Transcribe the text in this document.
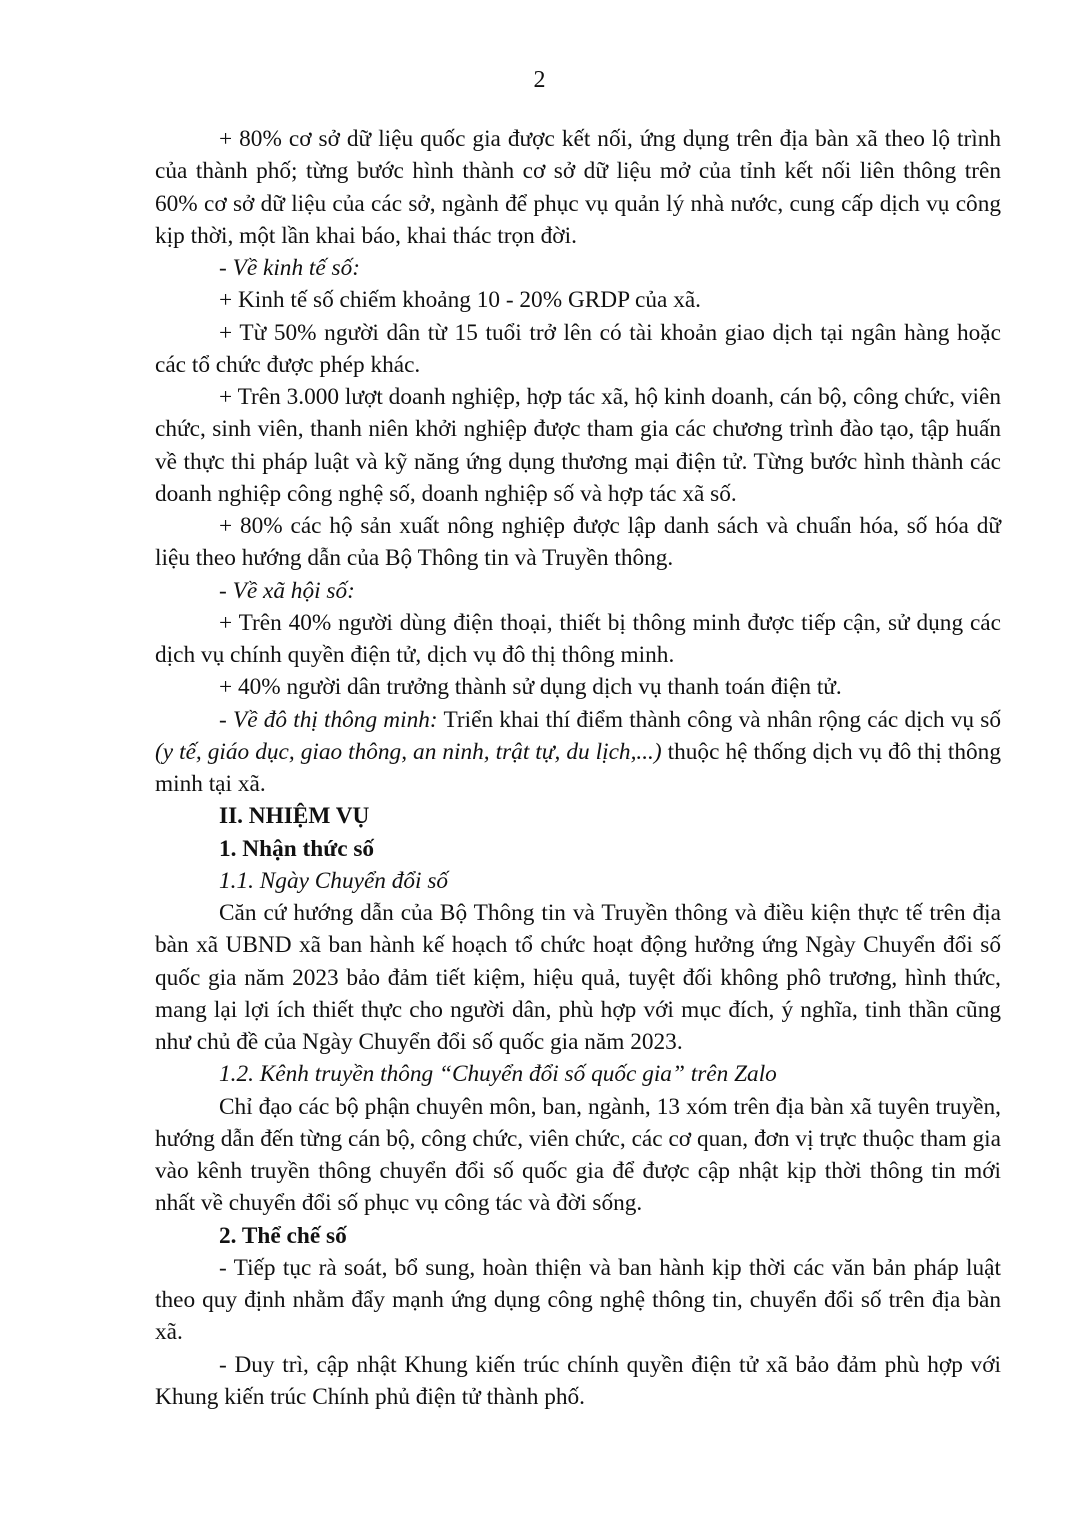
2

+ 80% cơ sở dữ liệu quốc gia được kết nối, ứng dụng trên địa bàn xã theo lộ trình của thành phố; từng bước hình thành cơ sở dữ liệu mở của tỉnh kết nối liên thông trên 60% cơ sở dữ liệu của các sở, ngành để phục vụ quản lý nhà nước, cung cấp dịch vụ công kịp thời, một lần khai báo, khai thác trọn đời.

- Về kinh tế số:

+ Kinh tế số chiếm khoảng 10 - 20% GRDP của xã.

+ Từ 50% người dân từ 15 tuổi trở lên có tài khoản giao dịch tại ngân hàng hoặc các tổ chức được phép khác.

+ Trên 3.000 lượt doanh nghiệp, hợp tác xã, hộ kinh doanh, cán bộ, công chức, viên chức, sinh viên, thanh niên khởi nghiệp được tham gia các chương trình đào tạo, tập huấn về thực thi pháp luật và kỹ năng ứng dụng thương mại điện tử. Từng bước hình thành các doanh nghiệp công nghệ số, doanh nghiệp số và hợp tác xã số.

+ 80% các hộ sản xuất nông nghiệp được lập danh sách và chuẩn hóa, số hóa dữ liệu theo hướng dẫn của Bộ Thông tin và Truyền thông.

- Về xã hội số:

+ Trên 40% người dùng điện thoại, thiết bị thông minh được tiếp cận, sử dụng các dịch vụ chính quyền điện tử, dịch vụ đô thị thông minh.

+ 40% người dân trưởng thành sử dụng dịch vụ thanh toán điện tử.

- Về đô thị thông minh: Triển khai thí điểm thành công và nhân rộng các dịch vụ số (y tế, giáo dục, giao thông, an ninh, trật tự, du lịch,...) thuộc hệ thống dịch vụ đô thị thông minh tại xã.

II. NHIỆM VỤ

1. Nhận thức số

1.1. Ngày Chuyển đổi số

Căn cứ hướng dẫn của Bộ Thông tin và Truyền thông và điều kiện thực tế trên địa bàn xã UBND xã ban hành kế hoạch tổ chức hoạt động hưởng ứng Ngày Chuyển đổi số quốc gia năm 2023 bảo đảm tiết kiệm, hiệu quả, tuyệt đối không phô trương, hình thức, mang lại lợi ích thiết thực cho người dân, phù hợp với mục đích, ý nghĩa, tinh thần cũng như chủ đề của Ngày Chuyển đổi số quốc gia năm 2023.

1.2. Kênh truyền thông “Chuyển đổi số quốc gia” trên Zalo

Chỉ đạo các bộ phận chuyên môn, ban, ngành, 13 xóm trên địa bàn xã tuyên truyền, hướng dẫn đến từng cán bộ, công chức, viên chức, các cơ quan, đơn vị trực thuộc tham gia vào kênh truyền thông chuyển đổi số quốc gia để được cập nhật kịp thời thông tin mới nhất về chuyển đổi số phục vụ công tác và đời sống.

2. Thể chế số

- Tiếp tục rà soát, bổ sung, hoàn thiện và ban hành kịp thời các văn bản pháp luật theo quy định nhằm đẩy mạnh ứng dụng công nghệ thông tin, chuyển đổi số trên địa bàn xã.

- Duy trì, cập nhật Khung kiến trúc chính quyền điện tử xã bảo đảm phù hợp với Khung kiến trúc Chính phủ điện tử thành phố.
